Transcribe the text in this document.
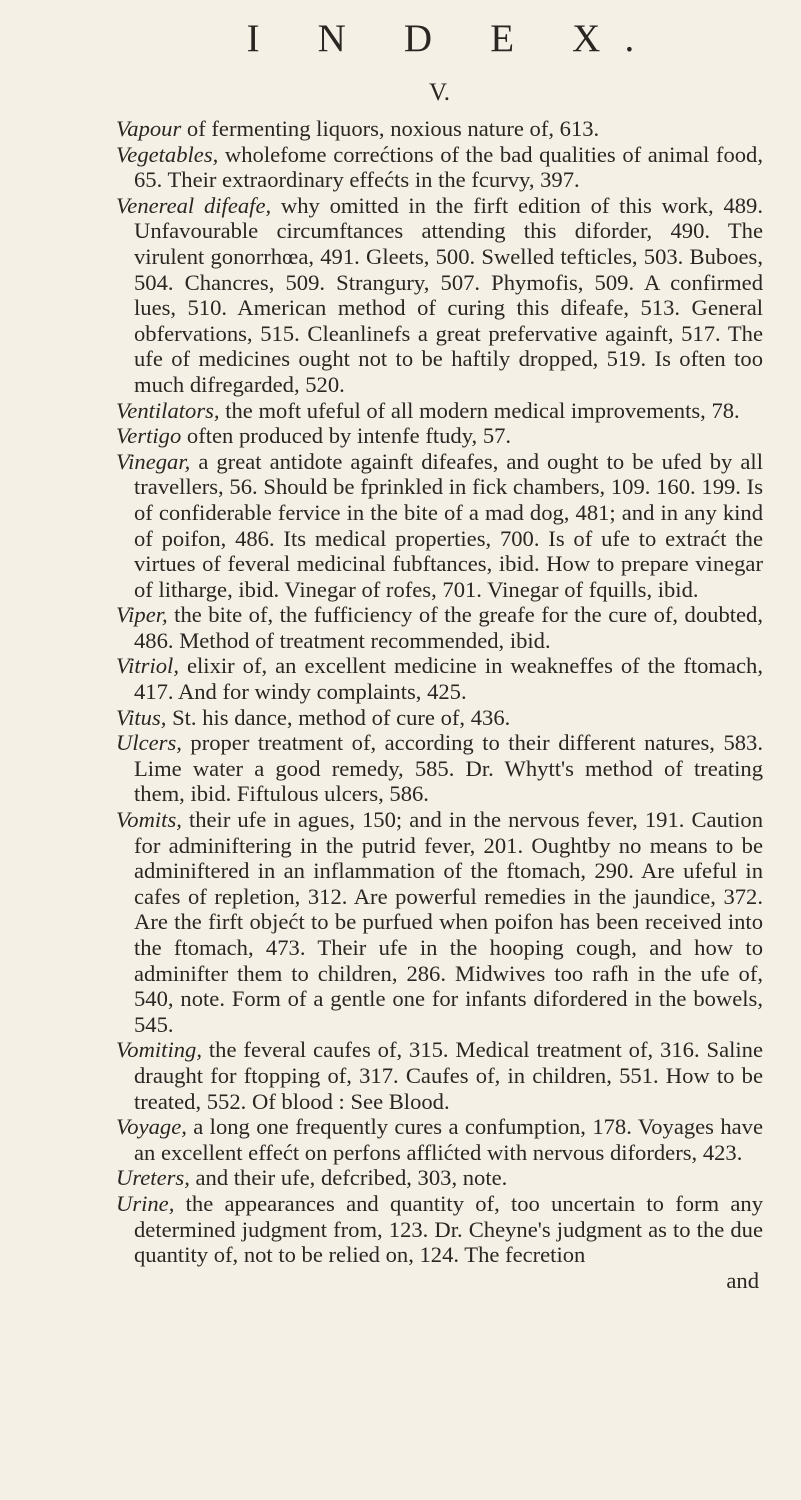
I N D E X.
V.

Vapour of fermenting liquors, noxious nature of, 613.

Vegetables, wholefome correćtions of the bad qualities of animal food, 65. Their extraordinary effećts in the fcurvy, 397.

Venereal difeafe, why omitted in the firft edition of this work, 489. Unfavourable circumftances attending this diforder, 490. The virulent gonorrhœa, 491. Gleets, 500. Swelled tefticles, 503. Buboes, 504. Chancres, 509. Strangury, 507. Phymofis, 509. A confirmed lues, 510. American method of curing this difeafe, 513. General obfervations, 515. Cleanlinefs a great prefervative againft, 517. The ufe of medicines ought not to be haftily dropped, 519. Is often too much difregarded, 520.

Ventilators, the moft ufeful of all modern medical improvements, 78.

Vertigo often produced by intenfe ftudy, 57.

Vinegar, a great antidote againft difeafes, and ought to be ufed by all travellers, 56. Should be fprinkled in fick chambers, 109. 160. 199. Is of confiderable fervice in the bite of a mad dog, 481; and in any kind of poifon, 486. Its medical properties, 700. Is of ufe to extraćt the virtues of feveral medicinal fubftances, ibid. How to prepare vinegar of litharge, ibid. Vinegar of rofes, 701. Vinegar of fquills, ibid.

Viper, the bite of, the fufficiency of the greafe for the cure of, doubted, 486. Method of treatment recommended, ibid.

Vitriol, elixir of, an excellent medicine in weakneffes of the ftomach, 417. And for windy complaints, 425.

Vitus, St. his dance, method of cure of, 436.

Ulcers, proper treatment of, according to their different natures, 583. Lime water a good remedy, 585. Dr. Whytt's method of treating them, ibid. Fiftulous ulcers, 586.

Vomits, their ufe in agues, 150; and in the nervous fever, 191. Caution for adminiftering in the putrid fever, 201. Oughtby no means to be adminiftered in an inflammation of the ftomach, 290. Are ufeful in cafes of repletion, 312. Are powerful remedies in the jaundice, 372. Are the firft objećt to be purfued when poifon has been received into the ftomach, 473. Their ufe in the hooping cough, and how to adminifter them to children, 286. Midwives too rafh in the ufe of, 540, note. Form of a gentle one for infants difordered in the bowels, 545.

Vomiting, the feveral caufes of, 315. Medical treatment of, 316. Saline draught for ftopping of, 317. Caufes of, in children, 551. How to be treated, 552. Of blood : See Blood.

Voyage, a long one frequently cures a confumption, 178. Voyages have an excellent effećt on perfons afflićted with nervous diforders, 423.

Ureters, and their ufe, defcribed, 303, note.

Urine, the appearances and quantity of, too uncertain to form any determined judgment from, 123. Dr. Cheyne's judgment as to the due quantity of, not to be relied on, 124. The fecretion

and
